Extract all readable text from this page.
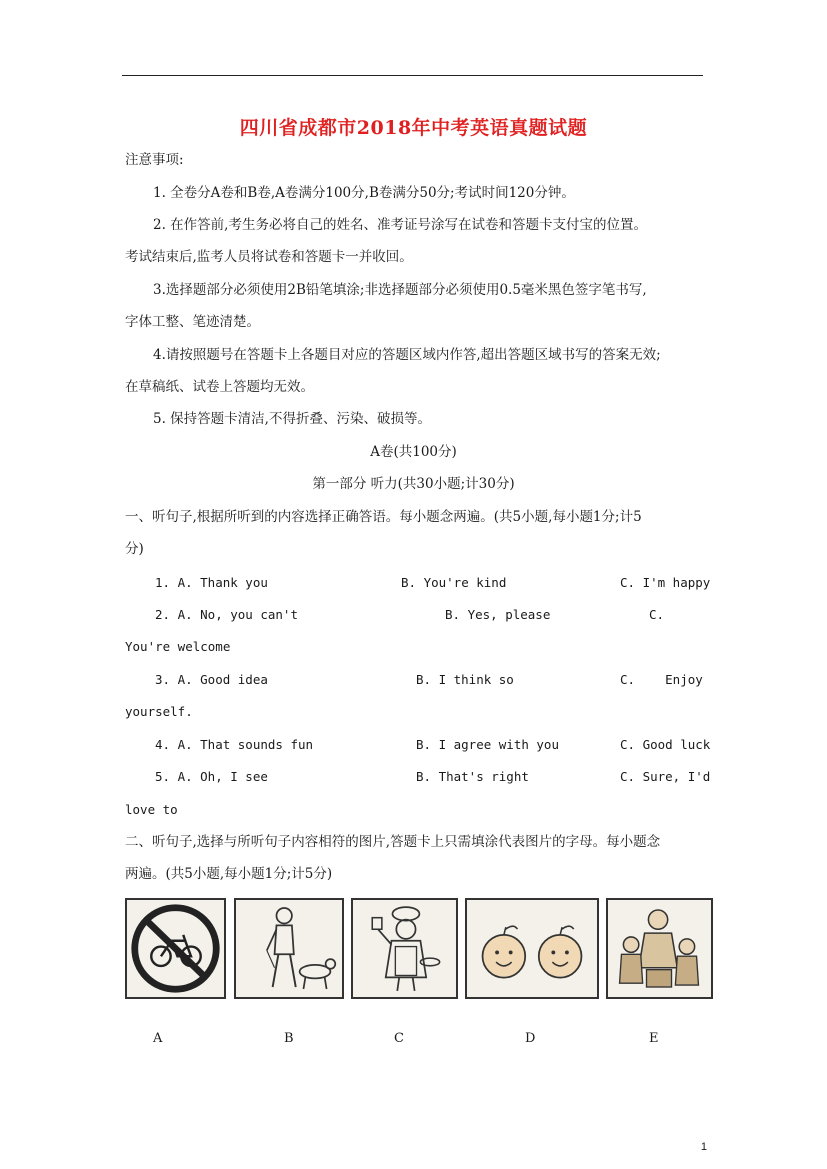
四川省成都市2018年中考英语真题试题
注意事项:
1. 全卷分A卷和B卷,A卷满分100分,B卷满分50分;考试时间120分钟。
2. 在作答前,考生务必将自己的姓名、准考证号涂写在试卷和答题卡支付宝的位置。
考试结束后,监考人员将试卷和答题卡一并收回。
3.选择题部分必须使用2B铅笔填涂;非选择题部分必须使用0.5毫米黑色签字笔书写,
字体工整、笔迹清楚。
4.请按照题号在答题卡上各题目对应的答题区域内作答,超出答题区域书写的答案无效;
在草稿纸、试卷上答题均无效。
5. 保持答题卡清洁,不得折叠、污染、破损等。
A卷(共100分)
第一部分 听力(共30小题;计30分)
一、听句子,根据所听到的内容选择正确答语。每小题念两遍。(共5小题,每小题1分;计5
分)
1. A. Thank you	B. You're kind	C. I'm happy
2. A. No, you can't	B. Yes, please	C.
You're welcome
3. A. Good idea	B. I think so	C.    Enjoy
yourself.
4. A. That sounds fun	B. I agree with you	C. Good luck
5. A. Oh, I see	B. That's right	C. Sure, I'd
love to
二、听句子,选择与所听句子内容相符的图片,答题卡上只需填涂代表图片的字母。每小题念
两遍。(共5小题,每小题1分;计5分)
A	B	C	D	E
1
